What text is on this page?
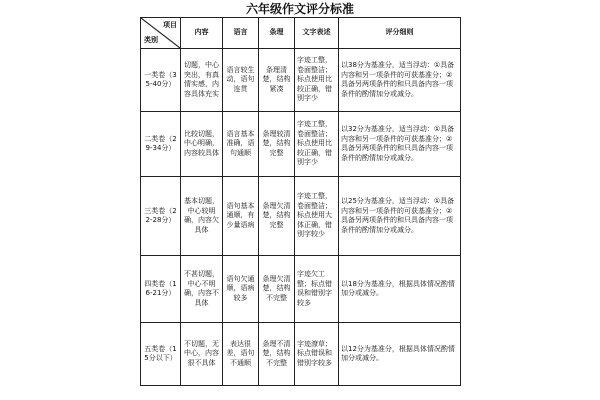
六年级作文评分标准
项目
类别	内容	语言	条理	文字表述	评分细则
一类卷（35-40分）	切题，中心突出，有真情实感，内容具体充实	语言较生动，语句连贯	条理清楚，结构紧凑	字迹工整，卷面整洁；标点使用比较正确，错别字少	以38分为基准分，适当浮动：①具备内容和另一项条件的可获基准分；②具备另两项条件的和只具备内容一项条件的酌情加分或减分。
二类卷（29-34分）	比较切题，中心明确，内容较具体	语言基本准确，语句通顺	条理较清楚，结构完整	字迹工整，卷面整洁；标点使用比较正确，错别字少	以32分为基准分，适当浮动：①具备内容和另一项条件的可获基准分；②具备另两项条件的和只具备内容一项条件的酌情加分或减分。
三类卷（22-28分）	基本切题，中心较明确，内容欠具体	语句基本通顺，有少量语病	条理欠清楚，结构完整	字迹工整，卷面整洁；标点使用大体正确，错别字较少	以25分为基准分，适当浮动：①具备内容和另一项条件的可获基准分；②具备另两项条件的和只具备内容一项条件的酌情加分或减分。
四类卷（16-21分）	不甚切题，中心不明确，内容不具体	语句欠通顺，语病较多	条理欠清楚，结构不完整	字迹欠工整；标点错误和错别字较多	以18分为基准分，根据具体情况酌情加分或减分。
五类卷（15分以下）	不切题，无中心，内容很不具体	表达很差，语句不通顺	条理不清楚，结构不完整	字迹潦草；标点错误和错别字较多	以12分为基准分，根据具体情况酌情加分或减分。
